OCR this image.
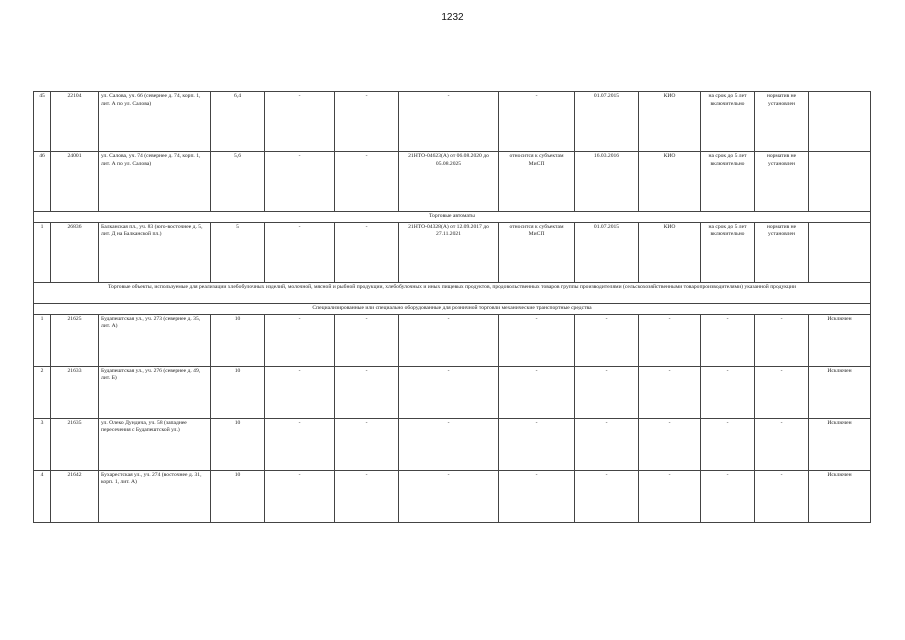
1232
45	22104	ул. Салова, уч. 66 (севернее д. 74, корп. 1, лит. А по ул. Салова)	6,4	-	-	-	-	01.07.2015	КИО	на срок до 5 лет включительно	норматив не установлен	
46	24001	ул. Салова, уч. 74 (севернее д. 74, корп. 1, лит. А по ул. Салова)	5,6	-	-	21НТО-04623(А) от 06.08.2020 до 05.08.2025	относится к субъектам МиСП	16.03.2016	КИО	на срок до 5 лет включительно	норматив не установлен	
Торговые автоматы												
1	26836	Балканская пл., уч. 83 (юго-восточнее д. 5, лит. Д на Балканской пл.)	5	-	-	21НТО-04328(А) от 12.09.2017 до 27.11.2021	относится к субъектам МиСП	01.07.2015	КИО	на срок до 5 лет включительно	норматив не установлен	
Торговые объекты, используемые для реализации хлебобулочных изделий, молочной, мясной и рыбной продукции, хлебобулочных и иных пищевых продуктов, продовольственных товаров группы производителями (сельскохозяйственными товаропроизводителями) указанной продукции												
Специализированные или специально оборудованные для розничной торговли механические транспортные средства												
1	21625	Будапештская ул., уч. 273 (севернее д. 35, лит. А)	10	-	-	-	-	-	-	-	-	Исключен
2	21633	Будапештская ул., уч. 276 (севернее д. 49, лит. Б)	10	-	-	-	-	-	-	-	-	Исключен
3	21635	ул. Олеко Дундича, уч. 58 (западнее пересечения с Будапештской ул.)	10	-	-	-	-	-	-	-	-	Исключен
4	21642	Бухарестская ул., уч. 274 (восточнее д. 31, корп. 1, лит. А)	10	-	-	-	-	-	-	-	-	Исключен
